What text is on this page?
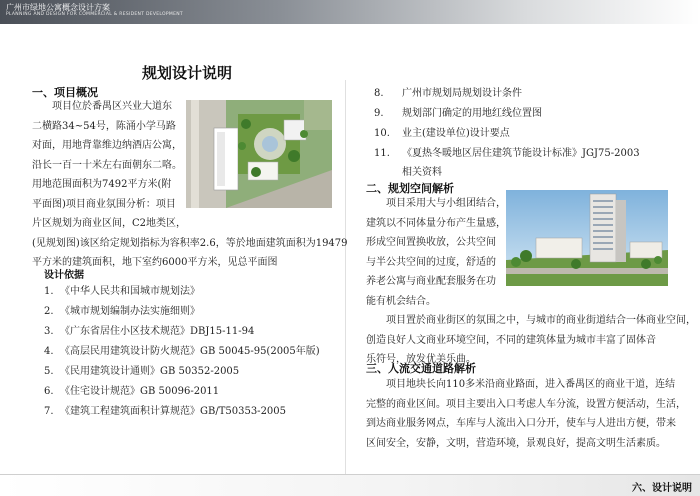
广州市绿地公寓概念设计方案
PLANNING AND DESIGN FOR COMMERCIAL & RESIDENT DEVELOPMENT
规划设计说明
一、项目概况
项目位於番禺区兴业大道东
二横路34~54号，陈涌小学马路
对面，用地背靠维边纳酒店公寓，
沿长一百一十米左右面朝东二咯。
用地范围面积为7492平方米(附
平面图)项目商业氛围分析：项目
片区规划为商业区间，C2地类区，
(见规划图)该区给定规划指标为容积率2.6，等於地面建筑面积为19479
平方米的建筑面积，地下室约6000平方米，见总平面图
设计依据
1. 《中华人民共和国城市规划法》
2. 《城市规划编制办法实施细则》
3. 《广东省居住小区技术规范》DBJ15-11-94
4. 《高层民用建筑设计防火规范》GB 50045-95(2005年版)
5. 《民用建筑设计通则》GB 50352-2005
6. 《住宅设计规范》GB 50096-2011
7. 《建筑工程建筑面积计算规范》GB/T50353-2005
8. 广州市规划局规划设计条件
9. 规划部门确定的用地红线位置图
10. 业主(建设单位)设计要点
11. 《夏热冬暖地区居住建筑节能设计标准》JGJ75-2003
相关资料
二、规划空间解析
项目采用大与小组团结合，
建筑以不同体量分布产生量感，
形成空间置换收放，公共空间
与半公共空间的过度，舒适的
养老公寓与商业配套服务在功
能有机会结合。
项目置於商业街区的氛围之中，与城市的商业街道结合一体商业空间，
创造良好人文商业环境空间，不同的建筑体量为城市丰富了固体音
乐符号，放发优美乐曲。
三、人流交通道路解析
项目地块长向110多米沿商业路面，进入番禺区的商业干道，连结
完整的商业区间。项目主要出入口考虑人车分流，设置方便活动，生活，
到达商业服务网点，车库与人流出入口分开，使车与人进出方便，带来
区间安全，安静，文明，营造环境，景观良好，提高文明生活素质。
六、设计说明
